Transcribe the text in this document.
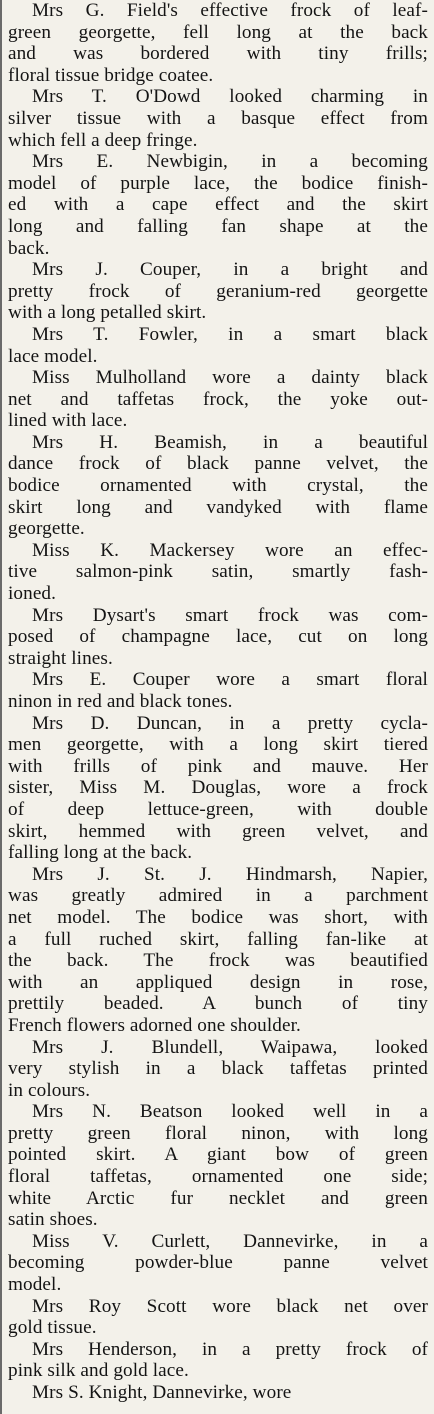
Mrs G. Field's effective frock of leaf-
green georgette, fell long at the back
and was bordered with tiny frills;
floral tissue bridge coatee.

Mrs T. O'Dowd looked charming in
silver tissue with a basque effect from
which fell a deep fringe.

Mrs E. Newbigin, in a becoming
model of purple lace, the bodice finish-
ed with a cape effect and the skirt
long and falling fan shape at the
back.

Mrs J. Couper, in a bright and
pretty frock of geranium-red georgette
with a long petalled skirt.

Mrs T. Fowler, in a smart black
lace model.

Miss Mulholland wore a dainty black
net and taffetas frock, the yoke out-
lined with lace.

Mrs H. Beamish, in a beautiful
dance frock of black panne velvet, the
bodice ornamented with crystal, the
skirt long and vandyked with flame
georgette.

Miss K. Mackersey wore an effec-
tive salmon-pink satin, smartly fash-
ioned.

Mrs Dysart's smart frock was com-
posed of champagne lace, cut on long
straight lines.

Mrs E. Couper wore a smart floral
ninon in red and black tones.

Mrs D. Duncan, in a pretty cycla-
men georgette, with a long skirt tiered
with frills of pink and mauve. Her
sister, Miss M. Douglas, wore a frock
of deep lettuce-green, with double
skirt, hemmed with green velvet, and
falling long at the back.

Mrs J. St. J. Hindmarsh, Napier,
was greatly admired in a parchment
net model. The bodice was short, with
a full ruched skirt, falling fan-like at
the back. The frock was beautified
with an appliqued design in rose,
prettily beaded. A bunch of tiny
French flowers adorned one shoulder.

Mrs J. Blundell, Waipawa, looked
very stylish in a black taffetas printed
in colours.

Mrs N. Beatson looked well in a
pretty green floral ninon, with long
pointed skirt. A giant bow of green
floral taffetas, ornamented one side;
white Arctic fur necklet and green
satin shoes.

Miss V. Curlett, Dannevirke, in a
becoming powder-blue panne velvet
model.

Mrs Roy Scott wore black net over
gold tissue.

Mrs Henderson, in a pretty frock of
pink silk and gold lace.

Mrs S. Knight, Dannevirke, wore
